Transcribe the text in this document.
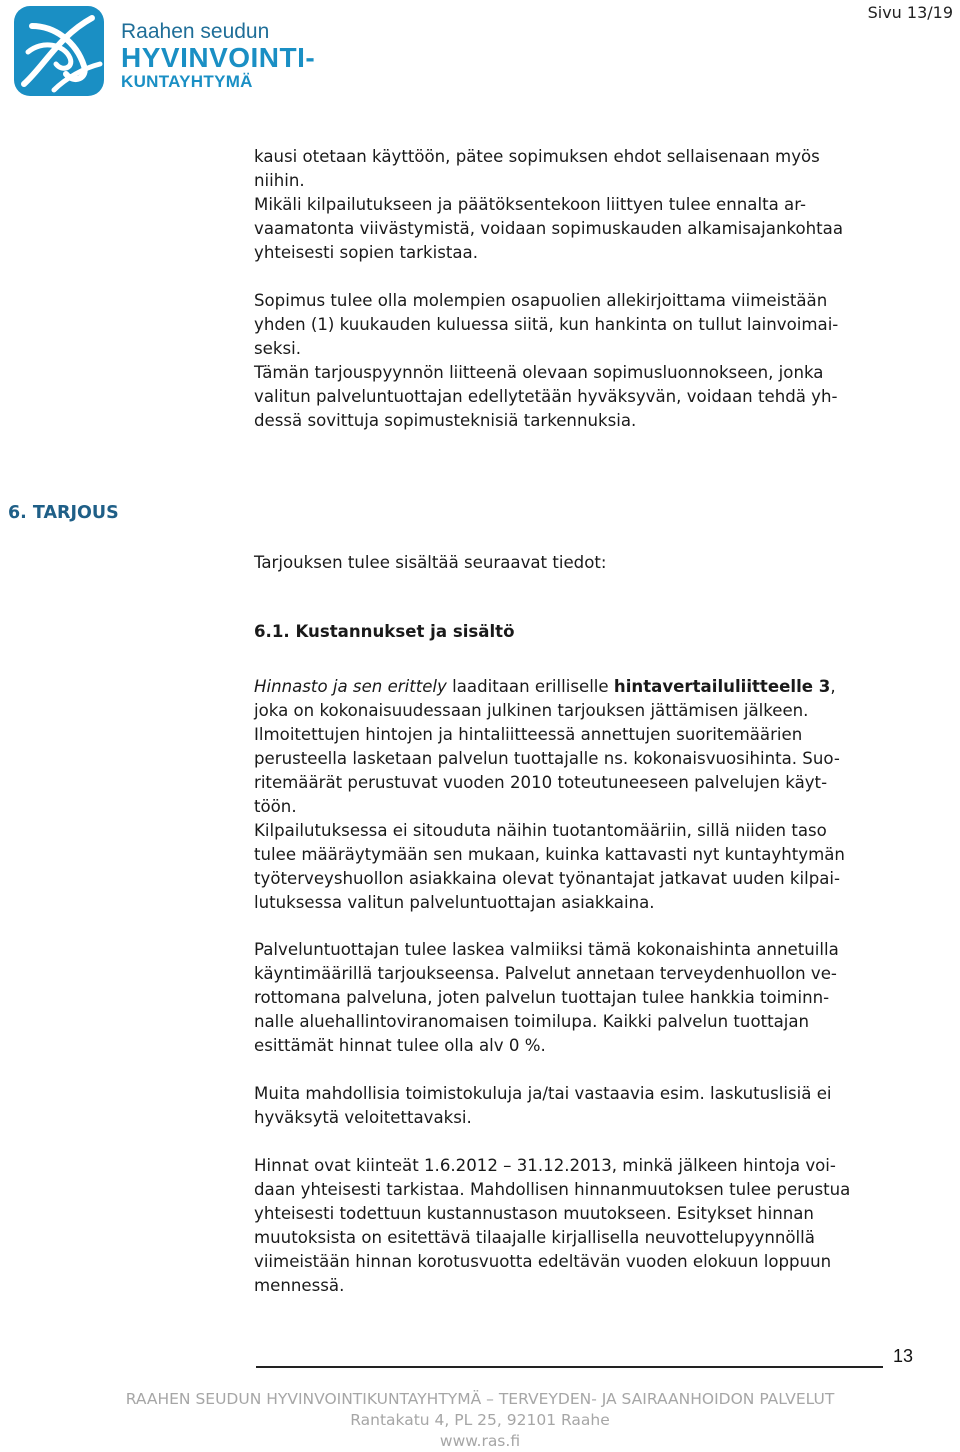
Raahen seudun
HYVINVOINTI-
KUNTAYHTYMÄ
Sivu 13/19

kausi otetaan käyttöön, pätee sopimuksen ehdot sellaisenaan myös
niihin.
Mikäli kilpailutukseen ja päätöksentekoon liittyen tulee ennalta ar-
vaamatonta viivästymistä, voidaan sopimuskauden alkamisajankohtaa
yhteisesti sopien tarkistaa.

Sopimus tulee olla molempien osapuolien allekirjoittama viimeistään
yhden (1) kuukauden kuluessa siitä, kun hankinta on tullut lainvoimai-
seksi.
Tämän tarjouspyynnön liitteenä olevaan sopimusluonnokseen, jonka
valitun palveluntuottajan edellytetään hyväksyvän, voidaan tehdä yh-
dessä sovittuja sopimusteknisiä tarkennuksia.

6. TARJOUS

Tarjouksen tulee sisältää seuraavat tiedot:

6.1. Kustannukset ja sisältö

Hinnasto ja sen erittely laaditaan erilliselle hintavertailuliitteelle 3,
joka on kokonaisuudessaan julkinen tarjouksen jättämisen jälkeen.
Ilmoitettujen hintojen ja hintaliitteessä annettujen suoritemäärien
perusteella lasketaan palvelun tuottajalle ns. kokonaisvuosihinta. Suo-
ritemäärät perustuvat vuoden 2010 toteutuneeseen palvelujen käyt-
töön.
Kilpailutuksessa ei sitouduta näihin tuotantomääriin, sillä niiden taso
tulee määräytymään sen mukaan, kuinka kattavasti nyt kuntayhtymän
työterveyshuollon asiakkaina olevat työnantajat jatkavat uuden kilpai-
lutuksessa valitun palveluntuottajan asiakkaina.

Palveluntuottajan tulee laskea valmiiksi tämä kokonaishinta annetuilla
käyntimäärillä tarjoukseensa. Palvelut annetaan terveydenhuollon ve-
rottomana palveluna, joten palvelun tuottajan tulee hankkia toiminn-
nalle aluehallintoviranomaisen toimilupa. Kaikki palvelun tuottajan
esittämät hinnat tulee olla alv 0 %.

Muita mahdollisia toimistokuluja ja/tai vastaavia esim. laskutuslisiä ei
hyväksytä veloitettavaksi.

Hinnat ovat kiinteät 1.6.2012 – 31.12.2013, minkä jälkeen hintoja voi-
daan yhteisesti tarkistaa. Mahdollisen hinnanmuutoksen tulee perustua
yhteisesti todettuun kustannustason muutokseen. Esitykset hinnan
muutoksista on esitettävä tilaajalle kirjallisella neuvottelupyynnöllä
viimeistään hinnan korotusvuotta edeltävän vuoden elokuun loppuun
mennessä.

13
RAAHEN SEUDUN HYVINVOINTIKUNTAYHTYMÄ – TERVEYDEN- JA SAIRAANHOIDON PALVELUT
Rantakatu 4, PL 25, 92101 Raahe
www.ras.fi
